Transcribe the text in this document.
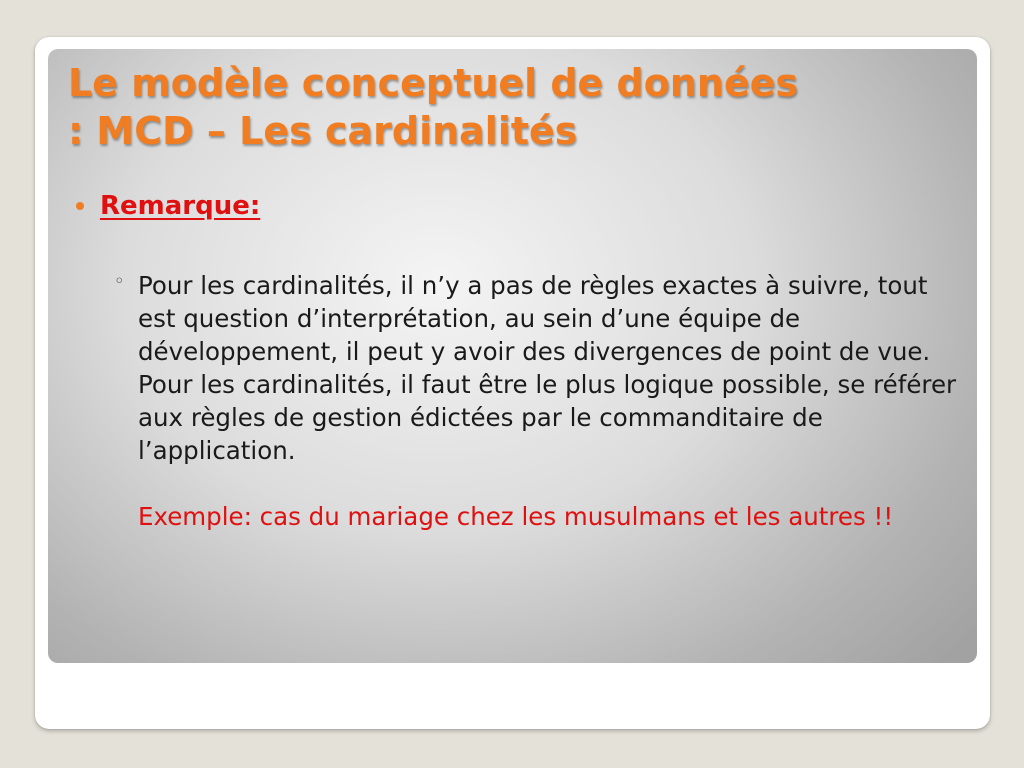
Le modèle conceptuel de données
: MCD – Les cardinalités
Remarque:
◦ Pour les cardinalités, il n’y a pas de règles exactes à suivre, tout est question d’interprétation, au sein d’une équipe de développement, il peut y avoir des divergences de point de vue.

Pour les cardinalités, il faut être le plus logique possible, se référer aux règles de gestion édictées par le commanditaire de l’application.

Exemple: cas du mariage chez les musulmans et les autres !!
